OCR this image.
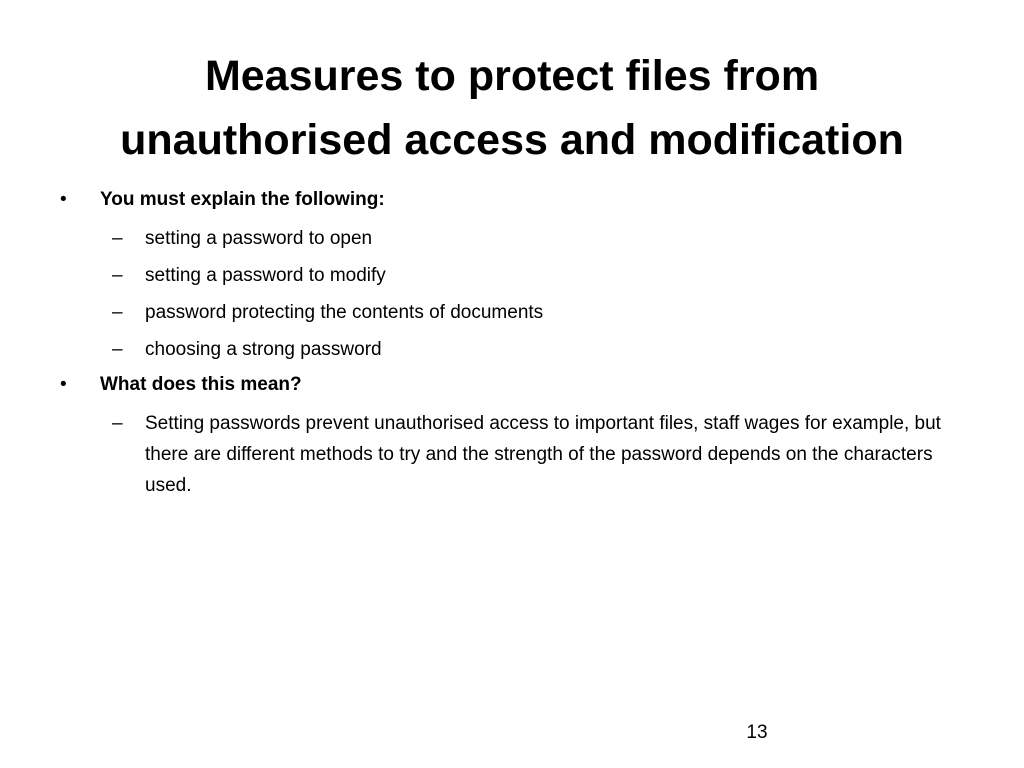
Measures to protect files from
unauthorised access and modification
•	You must explain the following:
– setting a password to open
– setting a password to modify
– password protecting the contents of documents
– choosing a strong password
•	What does this mean?
– Setting passwords prevent unauthorised access to important files, staff wages for example, but there are different methods to try and the strength of the password depends on the characters used.
13
